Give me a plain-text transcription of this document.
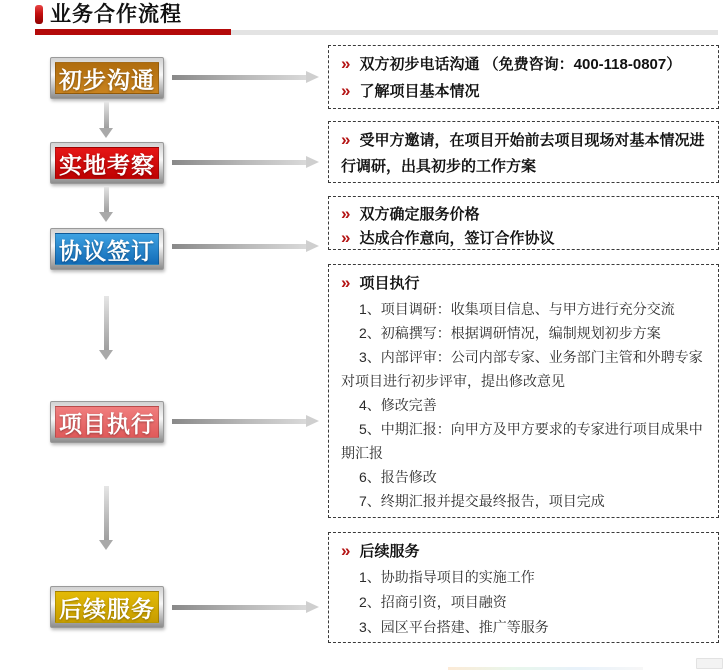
业务合作流程
初步沟通
实地考察
协议签订
项目执行
后续服务

» 双方初步电话沟通 （免费咨询：400-118-0807）

» 了解项目基本情况

» 受甲方邀请，在项目开始前去项目现场对基本情况进行调研，出具初步的工作方案

» 双方确定服务价格

» 达成合作意向，签订合作协议

» 项目执行

1、项目调研：收集项目信息、与甲方进行充分交流

2、初稿撰写：根据调研情况，编制规划初步方案

3、内部评审：公司内部专家、业务部门主管和外聘专家对项目进行初步评审，提出修改意见

4、修改完善

5、中期汇报：向甲方及甲方要求的专家进行项目成果中期汇报

6、报告修改

7、终期汇报并提交最终报告，项目完成

» 后续服务

1、协助指导项目的实施工作

2、招商引资，项目融资

3、园区平台搭建、推广等服务
